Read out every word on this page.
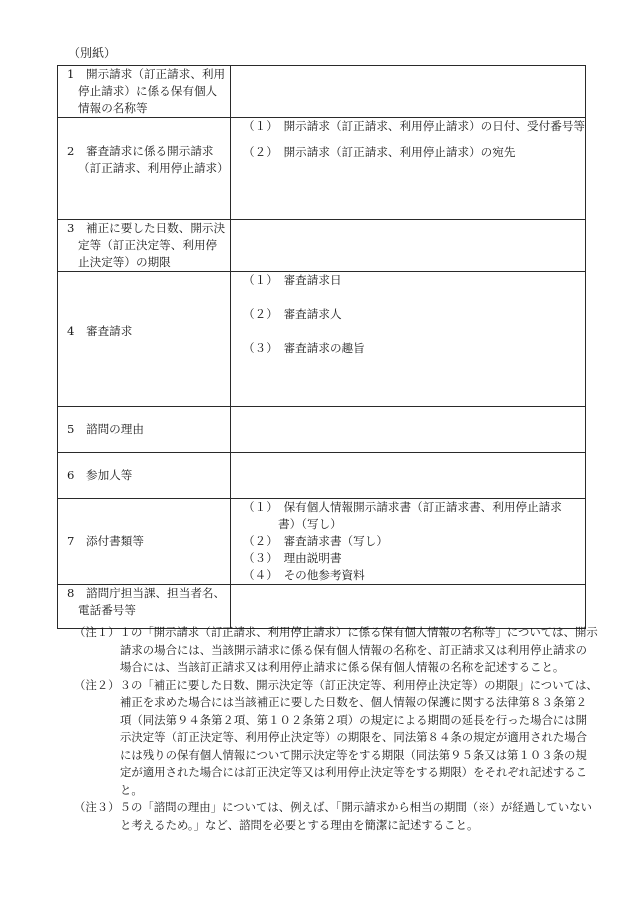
（別紙）
1　開示請求（訂正請求、利用停止請求）に係る保有個人情報の名称等	

2　審査請求に係る開示請求（訂正請求、利用停止請求）	（１）　開示請求（訂正請求、利用停止請求）の日付、受付番号等

（２）　開示請求（訂正請求、利用停止請求）の宛先

3　補正に要した日数、開示決定等（訂正決定等、利用停止決定等）の期限	

4　審査請求	（１）　審査請求日

（２）　審査請求人

（３）　審査請求の趣旨

5　諮問の理由	

6　参加人等	

7　添付書類等	（１）　保有個人情報開示請求書（訂正請求書、利用停止請求書）（写し）

（２）　審査請求書（写し）

（３）　理由説明書

（４）　その他参考資料

8　諮問庁担当課、担当者名、電話番号等	

（注１）１の「開示請求（訂正請求、利用停止請求）に係る保有個人情報の名称等」については、開示請求の場合には、当該開示請求に係る保有個人情報の名称を、訂正請求又は利用停止請求の場合には、当該訂正請求又は利用停止請求に係る保有個人情報の名称を記述すること。

（注２）３の「補正に要した日数、開示決定等（訂正決定等、利用停止決定等）の期限」については、補正を求めた場合には当該補正に要した日数を、個人情報の保護に関する法律第８３条第２項（同法第９４条第２項、第１０２条第２項）の規定による期間の延長を行った場合には開示決定等（訂正決定等、利用停止決定等）の期限を、同法第８４条の規定が適用された場合には残りの保有個人情報について開示決定等をする期限（同法第９５条又は第１０３条の規定が適用された場合には訂正決定等又は利用停止決定等をする期限）をそれぞれ記述すること。

（注３）５の「諮問の理由」については、例えば、「開示請求から相当の期間（※）が経過していないと考えるため。」など、諮問を必要とする理由を簡潔に記述すること。
